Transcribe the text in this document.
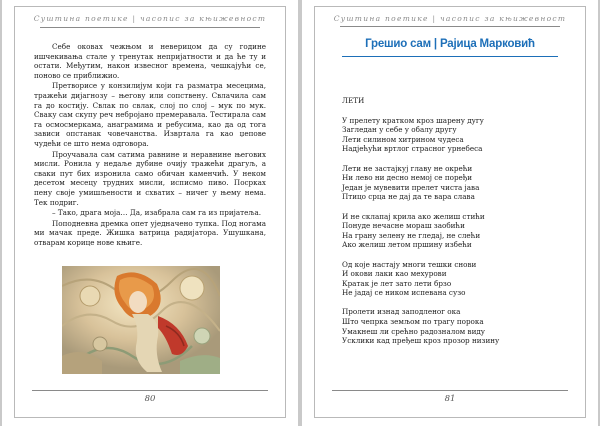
Суштина поетике | часопис за књижевност

Себе оковах чежњом и неверицом да су године ишчекивања стале у тренутак непријатности и да ће ту и остати. Међутим, након извесног времена, чешкајући се, поново се приближио.

Претворисе у конзилијум који га разматра месецима, тражећи дијагнозу – његову или сопствену. Свлачила сам га до костију. Свлак по свлак, слој по слој – мук по мук. Сваку сам скупу реч небројано премеравала. Тестирала сам га осмосмеркама, анаграмима и ребусима, као да од тога зависи опстанак човечанства. Извртала га као џепове чудећи се што нема одговора.

Проучавала сам сатима равнине и неравнине његових мисли. Ронила у недаље дубине очију тражећи драгуљ, а сваки пут бих изронила само обичан каменчић. У неком десетом месецу трудних мисли, исписмо пиво. Посрках пену своје умишљености и схватих – ничег у њему нема. Тек подриг.

– Тако, драга моја… Да, изабрала сам га из пријатеља.

Поподневна дремка опет уједначено тупка. Под ногама ми мачак преде. Жишка ватрица радијатора. Ушушкана, отварам корице нове књиге.

80
Суштина поетике | часопис за књижевност
Грешио сам | Рајица Марковић
ЛЕТИ
У прелету кратком кроз шарену дугу
Загледан у себе у обалу другу
Лети силином хитрином чудеса
Надјећући вртлог страсног урнебеса
Лети не застајкуј главу не окрећи
Ни лево ни десно немој се поређи
Један је мувевити прелет чиста јава
Птицо срца не дај да те вара слава
И не склапај крила ако желиш стићи
Понуде нечасне мораш заобићи
На грану зелену не гледај, не слећи
Ако желиш летом пршину избећи
Од које настају многи тешки снови
И окови лаки као мехурови
Кратак је лет зато лети брзо
Не јадај се ником испевана сузо
Пролети изнад заподленог ока
Што чепрка земљом по трагу порока
Умакнеш ли срећно радозналом виду
Усклики кад пређеш кроз прозор низину
81
